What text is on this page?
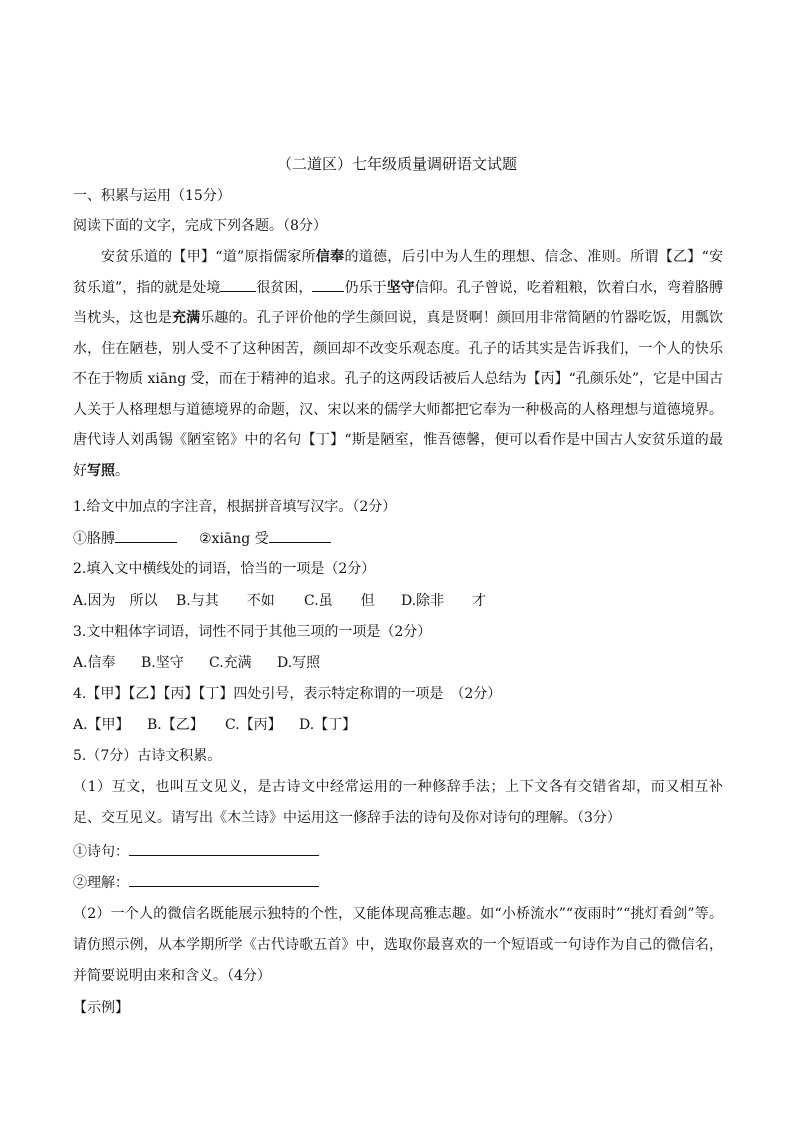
（二道区）七年级质量调研语文试题
一、积累与运用（15分）
阅读下面的文字，完成下列各题。（8分）
安贫乐道的【甲】“道”原指儒家所信奉的道德，后引中为人生的理想、信念、准则。所谓【乙】“安贫乐道”，指的就是处境	很贫困， 仍乐于坚守信仰。孔子曾说，吃着粗粮，饮着白水，弯着胳膊当枕头，这也是充满乐趣的。孔子评价他的学生颜回说，真是贤啊！颜回用非常简陋的竹器吃饭，用瓢饮水，住在陋巷，别人受不了这种困苦，颜回却不改变乐观态度。孔子的话其实是告诉我们，一个人的快乐不在于物质 xiāng 受，而在于精神的追求。孔子的这两段话被后人总结为【丙】“孔颜乐处”，它是中国古人关于人格理想与道德境界的命题，汉、宋以来的儒学大师都把它奉为一种极高的人格理想与道德境界。唐代诗人刘禹锡《陋室铭》中的名句【丁】“斯是陋室，惟吾德馨，便可以看作是中国古人安贫乐道的最好写照。
1.给文中加点的字注音，根据拼音填写汉字。（2分）
①胳膊	②xiāng 受
2.填入文中横线处的词语，恰当的一项是（2分）
A.因为　所以 B.与其　　不如 C.虽　　但 D.除非　　才
3.文中粗体字词语，词性不同于其他三项的一项是（2分）
A.信奉 B.坚守 C.充满 D.写照
4.【甲】【乙】【丙】【丁】四处引号，表示特定称谓的一项是　（2分）
A.【甲】 B.【乙】 C.【丙】 D.【丁】
5.（7分）古诗文积累。
（1）互文，也叫互文见义，是古诗文中经常运用的一种修辞手法；上下文各有交错省却，而又相互补足、交互见义。请写出《木兰诗》中运用这一修辞手法的诗句及你对诗句的理解。（3分）
①诗句：
②理解：
（2）一个人的微信名既能展示独特的个性，又能体现高雅志趣。如“小桥流水”“夜雨时”“挑灯看剑”等。请仿照示例，从本学期所学《古代诗歌五首》中，选取你最喜欢的一个短语或一句诗作为自己的微信名，并简要说明由来和含义。（4分）
【示例】
